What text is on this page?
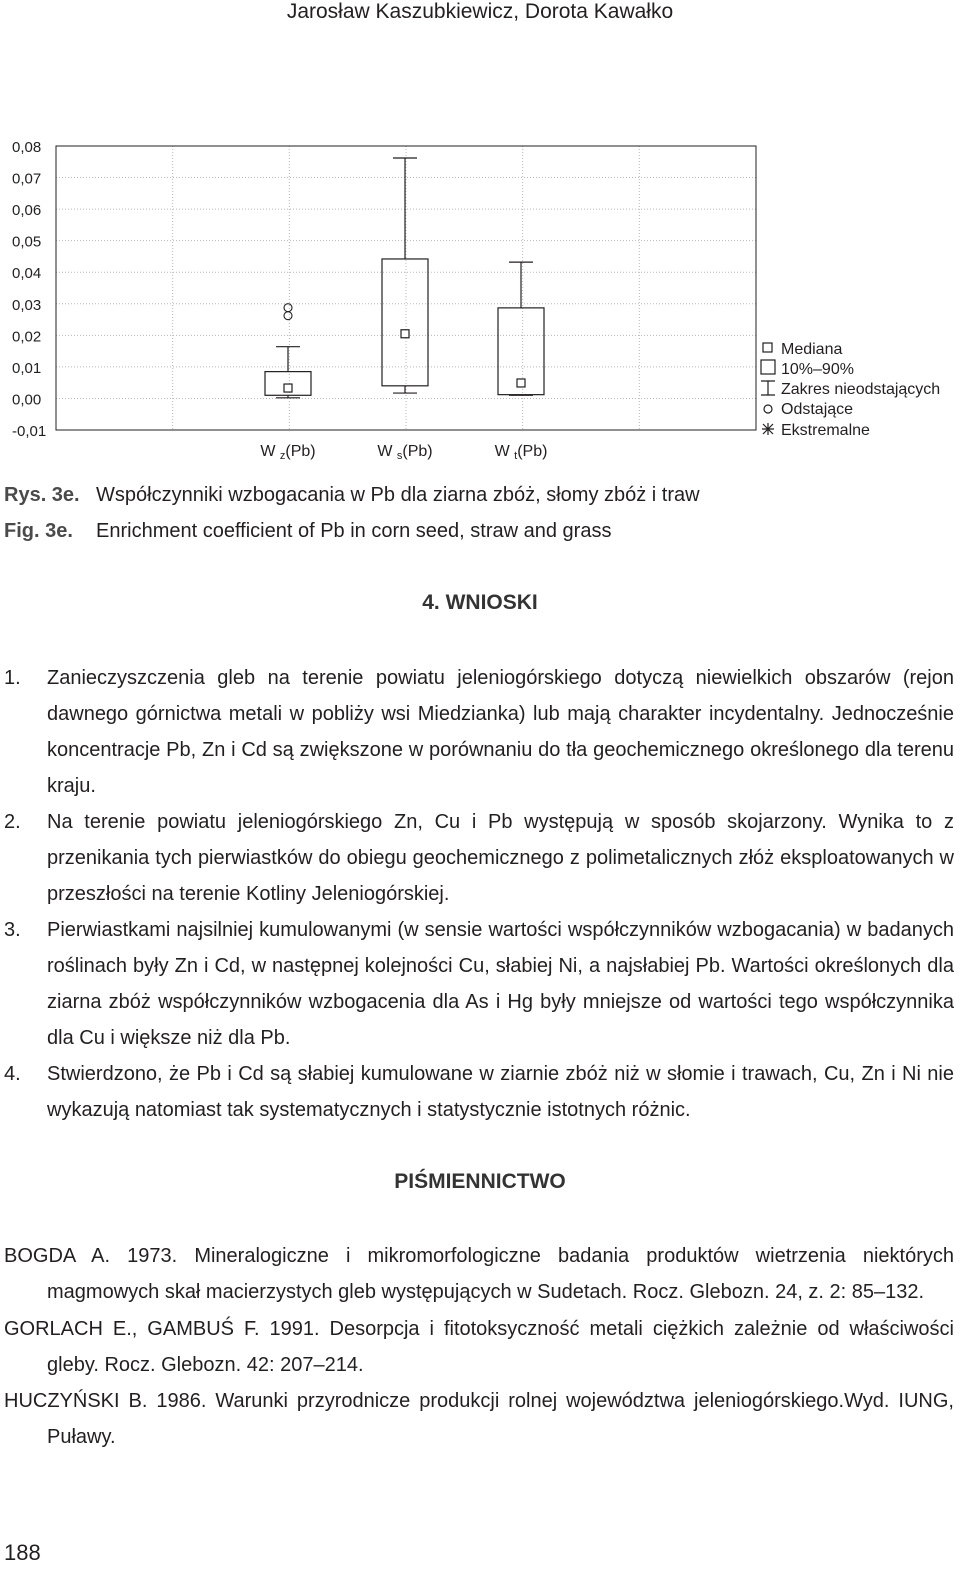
Jarosław Kaszubkiewicz, Dorota Kawałko
0,08
0,07
0,06
0,05
0,04
0,03
0,02
0,01
0,00
-0,01
W z(Pb)	W s(Pb)	W t(Pb)
Mediana
10%–90%
Zakres nieodstających
Odstające
Ekstremalne
Rys. 3e. Współczynniki wzbogacania w Pb dla ziarna zbóż, słomy zbóż i traw
Fig. 3e. Enrichment coefficient of Pb in corn seed, straw and grass
4. WNIOSKI

1. Zanieczyszczenia gleb na terenie powiatu jeleniogórskiego dotyczą niewielkich obszarów (rejon dawnego górnictwa metali w pobliży wsi Miedzianka) lub mają charakter incydentalny. Jednocześnie koncentracje Pb, Zn i Cd są zwiększone w porównaniu do tła geochemicznego określonego dla terenu kraju.

2. Na terenie powiatu jeleniogórskiego Zn, Cu i Pb występują w sposób skojarzony. Wynika to z przenikania tych pierwiastków do obiegu geochemicznego z polimetalicznych złóż eksploatowanych w przeszłości na terenie Kotliny Jeleniogórskiej.

3. Pierwiastkami najsilniej kumulowanymi (w sensie wartości współczynników wzbogacania) w badanych roślinach były Zn i Cd, w następnej kolejności Cu, słabiej Ni, a najsłabiej Pb. Wartości określonych dla ziarna zbóż współczynników wzbogacenia dla As i Hg były mniejsze od wartości tego współczynnika dla Cu i większe niż dla Pb.

4. Stwierdzono, że Pb i Cd są słabiej kumulowane w ziarnie zbóż niż w słomie i trawach, Cu, Zn i Ni nie wykazują natomiast tak systematycznych i statystycznie istotnych różnic.

PIŚMIENNICTWO

BOGDA A. 1973. Mineralogiczne i mikromorfologiczne badania produktów wietrzenia niektórych magmowych skał macierzystych gleb występujących w Sudetach. Rocz. Glebozn. 24, z. 2: 85–132.

GORLACH E., GAMBUŚ F. 1991. Desorpcja i fitotoksyczność metali ciężkich zależnie od właściwości gleby. Rocz. Glebozn. 42: 207–214.

HUCZYŃSKI B. 1986. Warunki przyrodnicze produkcji rolnej województwa jeleniogórskiego.Wyd. IUNG, Puławy.

188
